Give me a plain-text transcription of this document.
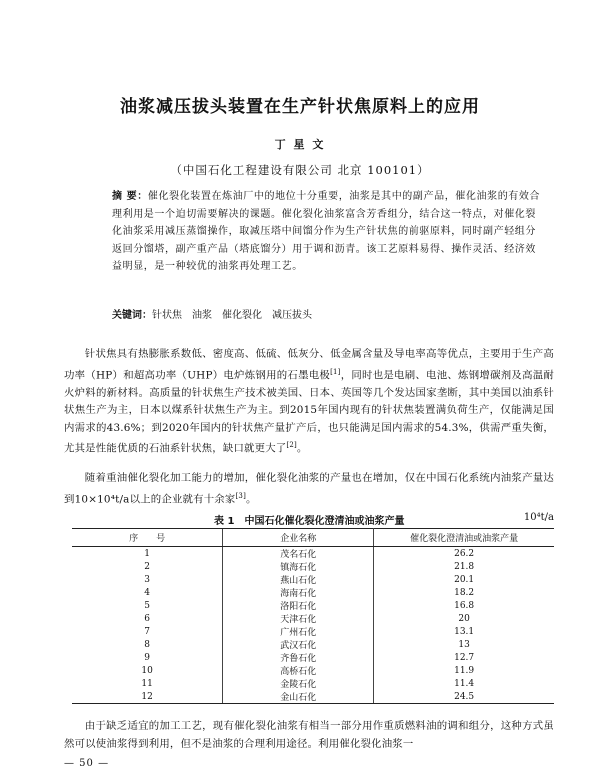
油浆减压拔头装置在生产针状焦原料上的应用
丁 星 文
（中国石化工程建设有限公司 北京 100101）
摘 要：催化裂化装置在炼油厂中的地位十分重要，油浆是其中的副产品，催化油浆的有效合理利用是一个迫切需要解决的课题。催化裂化油浆富含芳香组分，结合这一特点，对催化裂化油浆采用减压蒸馏操作，取减压塔中间馏分作为生产针状焦的前驱原料，同时副产轻组分返回分馏塔，副产重产品（塔底馏分）用于调和沥青。该工艺原料易得、操作灵活、经济效益明显，是一种较优的油浆再处理工艺。
关键词：针状焦　油浆　催化裂化　减压拔头
针状焦具有热膨胀系数低、密度高、低硫、低灰分、低金属含量及导电率高等优点，主要用于生产高功率（HP）和超高功率（UHP）电炉炼钢用的石墨电极[1]，同时也是电刷、电池、炼钢增碳剂及高温耐火炉料的新材料。高质量的针状焦生产技术被美国、日本、英国等几个发达国家垄断，其中美国以油系针状焦生产为主，日本以煤系针状焦生产为主。到2015年国内现有的针状焦装置满负荷生产，仅能满足国内需求的43.6%；到2020年国内的针状焦产量扩产后，也只能满足国内需求的54.3%，供需严重失衡，尤其是性能优质的石油系针状焦，缺口就更大了[2]。
随着重油催化裂化加工能力的增加，催化裂化油浆的产量也在增加，仅在中国石化系统内油浆产量达到10×10⁴t/a以上的企业就有十余家[3]。
表 1　中国石化催化裂化澄清油或油浆产量	10⁴t/a
序　　号	企业名称	催化裂化澄清油或油浆产量
1	茂名石化	26.2
2	镇海石化	21.8
3	燕山石化	20.1
4	海南石化	18.2
5	洛阳石化	16.8
6	天津石化	20
7	广州石化	13.1
8	武汉石化	13
9	齐鲁石化	12.7
10	高桥石化	11.9
11	金陵石化	11.4
12	金山石化	24.5
由于缺乏适宜的加工工艺，现有催化裂化油浆有相当一部分用作重质燃料油的调和组分，这种方式虽然可以使油浆得到利用，但不是油浆的合理利用途径。利用催化裂化油浆一
— 50 —
